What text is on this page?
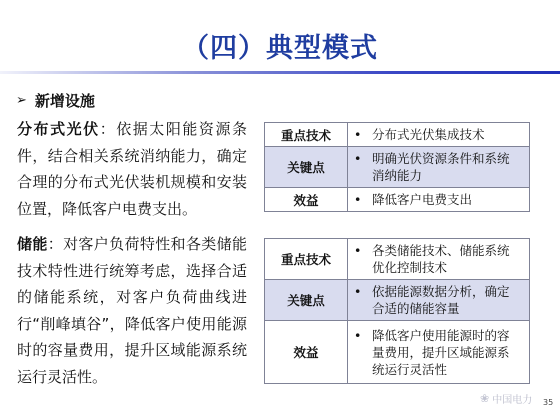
（四）典型模式
➢ 新增设施
分布式光伏：依据太阳能资源条件，结合相关系统消纳能力，确定合理的分布式光伏装机规模和安装位置，降低客户电费支出。
储能：对客户负荷特性和各类储能技术特性进行统筹考虑，选择合适的储能系统，对客户负荷曲线进行“削峰填谷”，降低客户使用能源时的容量费用，提升区域能源系统运行灵活性。
重点技术	• 分布式光伏集成技术

关键点	• 明确光伏资源条件和系统消纳能力

效益	• 降低客户电费支出
重点技术	• 各类储能技术、储能系统优化控制技术

关键点	• 依据能源数据分析，确定合适的储能容量

效益	• 降低客户使用能源时的容量费用，提升区域能源系统运行灵活性
❀ 中国电力 35
